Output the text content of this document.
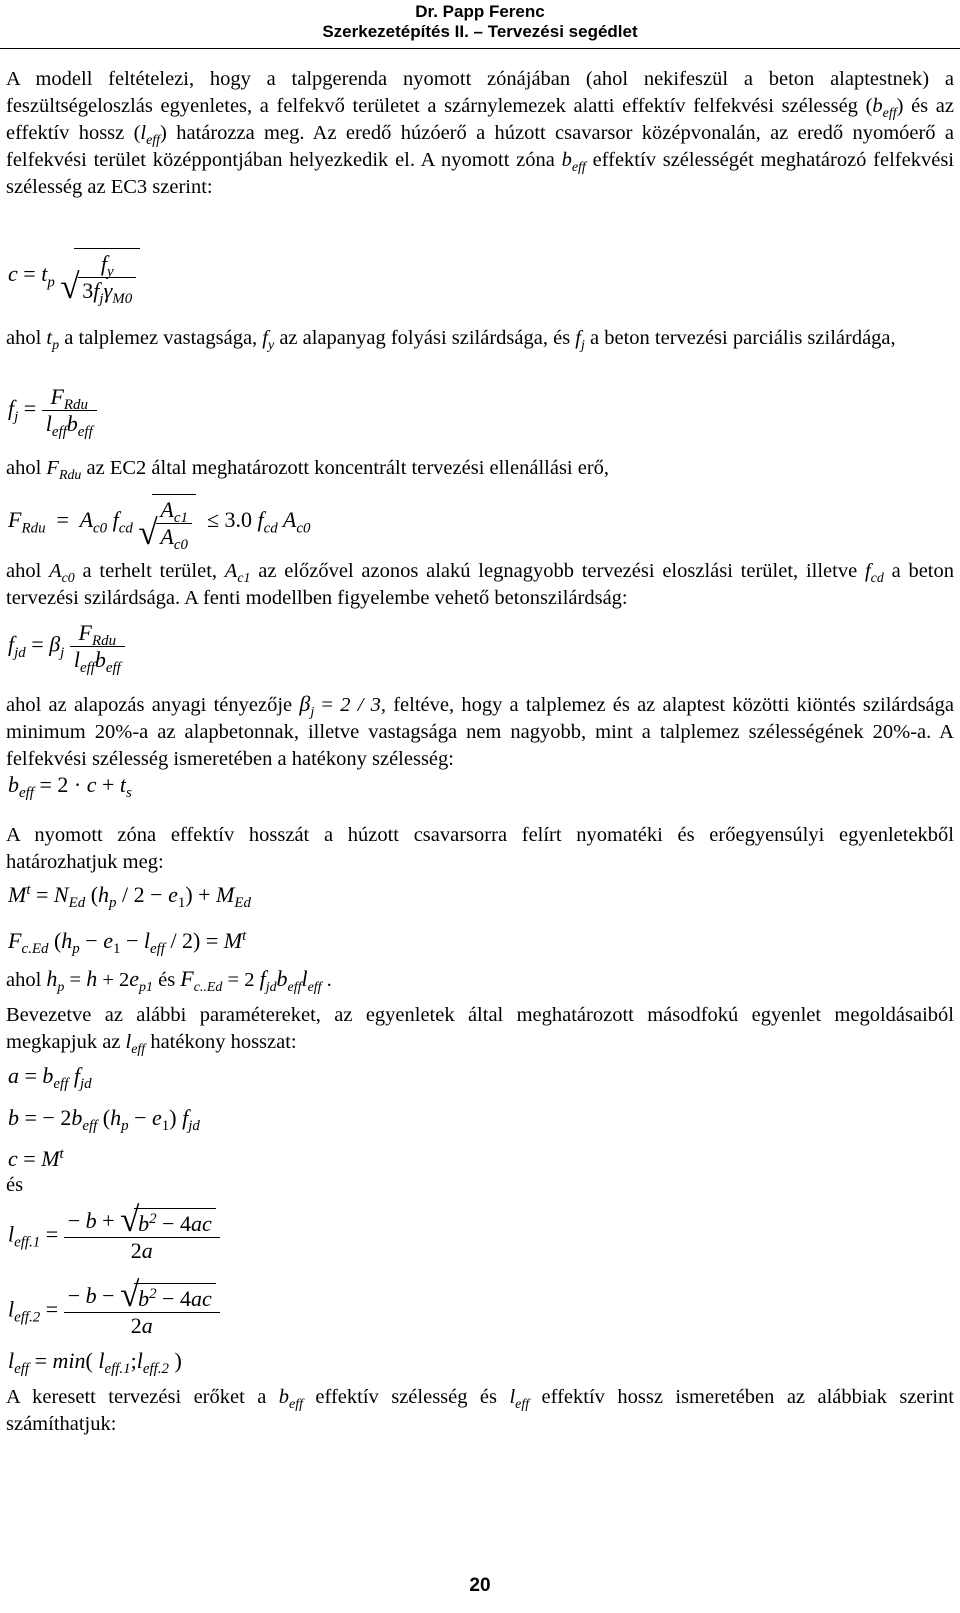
Dr. Papp Ferenc
Szerkezetépítés II. – Tervezési segédlet
A modell feltételezi, hogy a talpgerenda nyomott zónájában (ahol nekifeszül a beton alaptestnek) a feszültségeloszlás egyenletes, a felfekvő területet a szárnylemezek alatti effektív felfekvési szélesség $(b_{eff})$ és az effektív hossz $(l_{eff})$ határozza meg. Az eredő húzóerő a húzott csavarsor középvonalán, az eredő nyomóerő a felfekvési terület középpontjában helyezkedik el. A nyomott zóna $b_{eff}$ effektív szélességét meghatározó felfekvési szélesség az EC3 szerint:
$c = t_p$ √
$\frac{f_y}{3f_j\gamma_{M0}}$
ahol $t_p$ a talplemez vastagsága, $f_y$ az alapanyag folyási szilárdsága, és $f_j$ a beton tervezési parciális szilárdága,
$f_j = \frac{F_{Rdu}}{l_{eff}b_{eff}}$
ahol $F_{Rdu}$ az EC2 által meghatározott koncentrált tervezési ellenállási erő,
$F_{Rdu} = A_{c0}$ $f_{cd}$ √
$\frac{A_{c1}}{A_{c0}} \le 3.0$ $f_{cd}$ $A_{c0}$
ahol $A_{c0}$ a terhelt terület, $A_{c1}$ az előzővel azonos alakú legnagyobb tervezési eloszlási terület, illetve $f_{cd}$ a beton tervezési szilárdsága. A fenti modellben figyelembe vehető betonszilárdság:
$f_{jd} = \beta_j \frac{F_{Rdu}}{l_{eff}b_{eff}}$
ahol az alapozás anyagi tényezője $\beta_j = 2 / 3$, feltéve, hogy a talplemez és az alaptest közötti kiöntés szilárdsága minimum 20%-a az alapbetonnak, illetve vastagsága nem nagyobb, mint a talplemez szélességének 20%-a. A felfekvési szélesség ismeretében a hatékony szélesség:
$b_{eff} = 2 \cdot c + t_s$
A nyomott zóna effektív hosszát a húzott csavarsorra felírt nyomatéki és erőegyensúlyi egyenletekből határozhatjuk meg:
$M^t = N_{Ed}$ $(h_p / 2 - e_1) + M_{Ed}$
$F_{c.Ed}$ $(h_p - e_1 - l_{eff} / 2) = M^t$
ahol $h_p = h + 2e_{p1}$ és $F_{c..Ed} = 2$ $f_{jd}b_{eff}l_{eff}$ .
Bevezetve az alábbi paramétereket, az egyenletek által meghatározott másodfokú egyenlet megoldásaiból megkapjuk az $l_{eff}$ hatékony hosszat:
$a = b_{eff}$ $f_{jd}$
b = − $2b_{eff}$ $(h_p - e_1)$ $f_{jd}$
$c = M^t$
és
$l_{eff.1}$ = − b + √
$b^2 - 4ac$
2a
$l_{eff.2}$ = − b − √
$b^2 - 4ac$
2a
$l_{eff} = \min$( $l_{eff.1};l_{eff.2}$ )
A keresett tervezési erőket a $b_{eff}$ effektív szélesség és $l_{eff}$ effektív hossz ismeretében az alábbiak szerint számíthatjuk:
20
